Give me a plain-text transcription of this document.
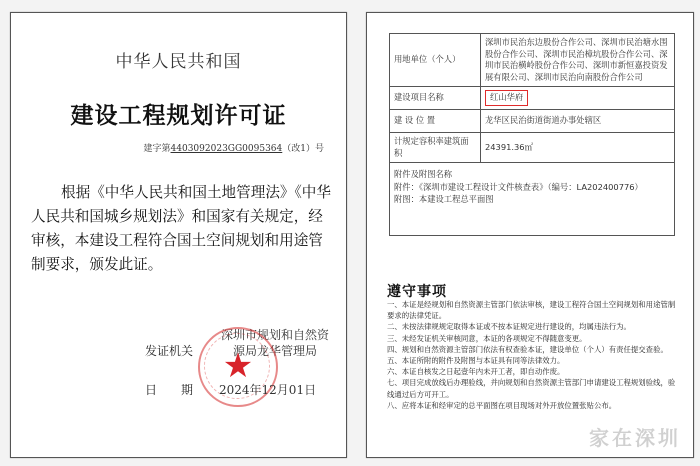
中华人民共和国
建设工程规划许可证
建字第4403092023GG0095364（改1）号
根据《中华人民共和国土地管理法》《中华人民共和国城乡规划法》和国家有关规定，经审核，本建设工程符合国土空间规划和用途管制要求，颁发此证。
发证机关
深圳市规划和自然资源局龙华管理局
★
日　　期 2024年12月01日
用地单位（个人）	深圳市民治东边股份合作公司、深圳市民治塘水围股份合作公司、深圳市民治樟坑股份合作公司、深圳市民治横岭股份合作公司、深圳市新恒嘉投资发展有限公司、深圳市民治向南股份合作公司
建设项目名称	红山华府
建 设 位 置	龙华区民治街道街道办事处辖区
计规定容积率建筑面积	24391.36㎡

附件及附图名称
附件：《深圳市建设工程设计文件核查表》（编号：LA202400776）
附图：本建设工程总平面图	
遵守事项
一、本证是经规划和自然资源主管部门依法审核，建设工程符合国土空间规划和用途管制要求的法律凭证。
二、未按法律规规定取得本证或不按本证规定进行建设的，均属违法行为。
三、未经发证机关审核同意，本证的各项规定不得随意变更。
四、规划和自然资源主管部门依法有权查验本证，建设单位（个人）有责任提交查验。
五、本证所附的附件及附图与本证具有同等法律效力。
六、本证自核发之日起壹年内未开工者，即自动作废。
七、项目完成放线后办理验线，并向规划和自然资源主管部门申请建设工程规划验线，验线通过后方可开工。
八、应将本证和经审定的总平面图在项目现场对外开放位置张贴公布。
家在深圳
